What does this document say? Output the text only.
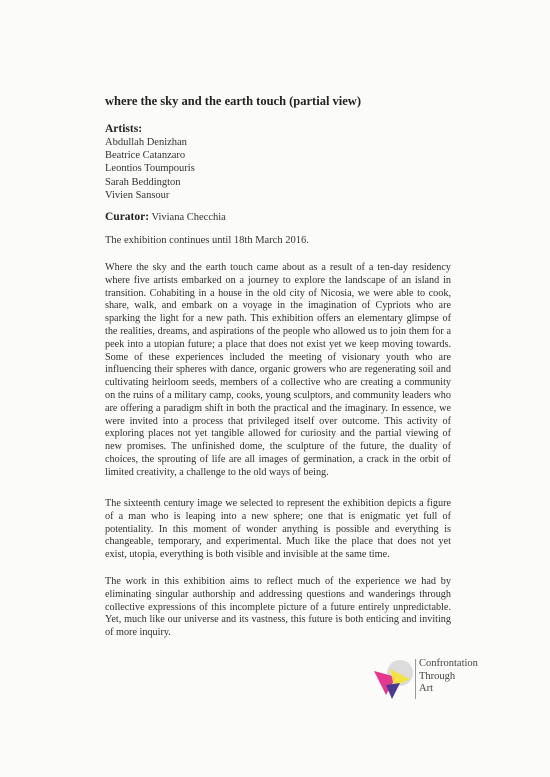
where the sky and the earth touch (partial view)
Artists:
Abdullah Denizhan
Beatrice Catanzaro
Leontios Toumpouris
Sarah Beddington
Vivien Sansour
Curator: Viviana Checchia
The exhibition continues until 18th March 2016.

Where the sky and the earth touch came about as a result of a ten-day residency where five artists embarked on a journey to explore the landscape of an island in transition. Cohabiting in a house in the old city of Nicosia, we were able to cook, share, walk, and embark on a voyage in the imagination of Cypriots who are sparking the light for a new path. This exhibition offers an elementary glimpse of the realities, dreams, and aspirations of the people who allowed us to join them for a peek into a utopian future; a place that does not exist yet we keep moving towards. Some of these experiences included the meeting of visionary youth who are influencing their spheres with dance, organic growers who are regenerating soil and cultivating heirloom seeds, members of a collective who are creating a community on the ruins of a military camp, cooks, young sculptors, and community leaders who are offering a paradigm shift in both the practical and the imaginary. In essence, we were invited into a process that privileged itself over outcome. This activity of exploring places not yet tangible allowed for curiosity and the partial viewing of new promises. The unfinished dome, the sculpture of the future, the duality of choices, the sprouting of life are all images of germination, a crack in the orbit of limited creativity, a challenge to the old ways of being.

The sixteenth century image we selected to represent the exhibition depicts a figure of a man who is leaping into a new sphere; one that is enigmatic yet full of potentiality. In this moment of wonder anything is possible and everything is changeable, temporary, and experimental. Much like the place that does not yet exist, utopia, everything is both visible and invisible at the same time.

The work in this exhibition aims to reflect much of the experience we had by eliminating singular authorship and addressing questions and wanderings through collective expressions of this incomplete picture of a future entirely unpredictable. Yet, much like our universe and its vastness, this future is both enticing and inviting of more inquiry.

Confrontation
Through
Art
